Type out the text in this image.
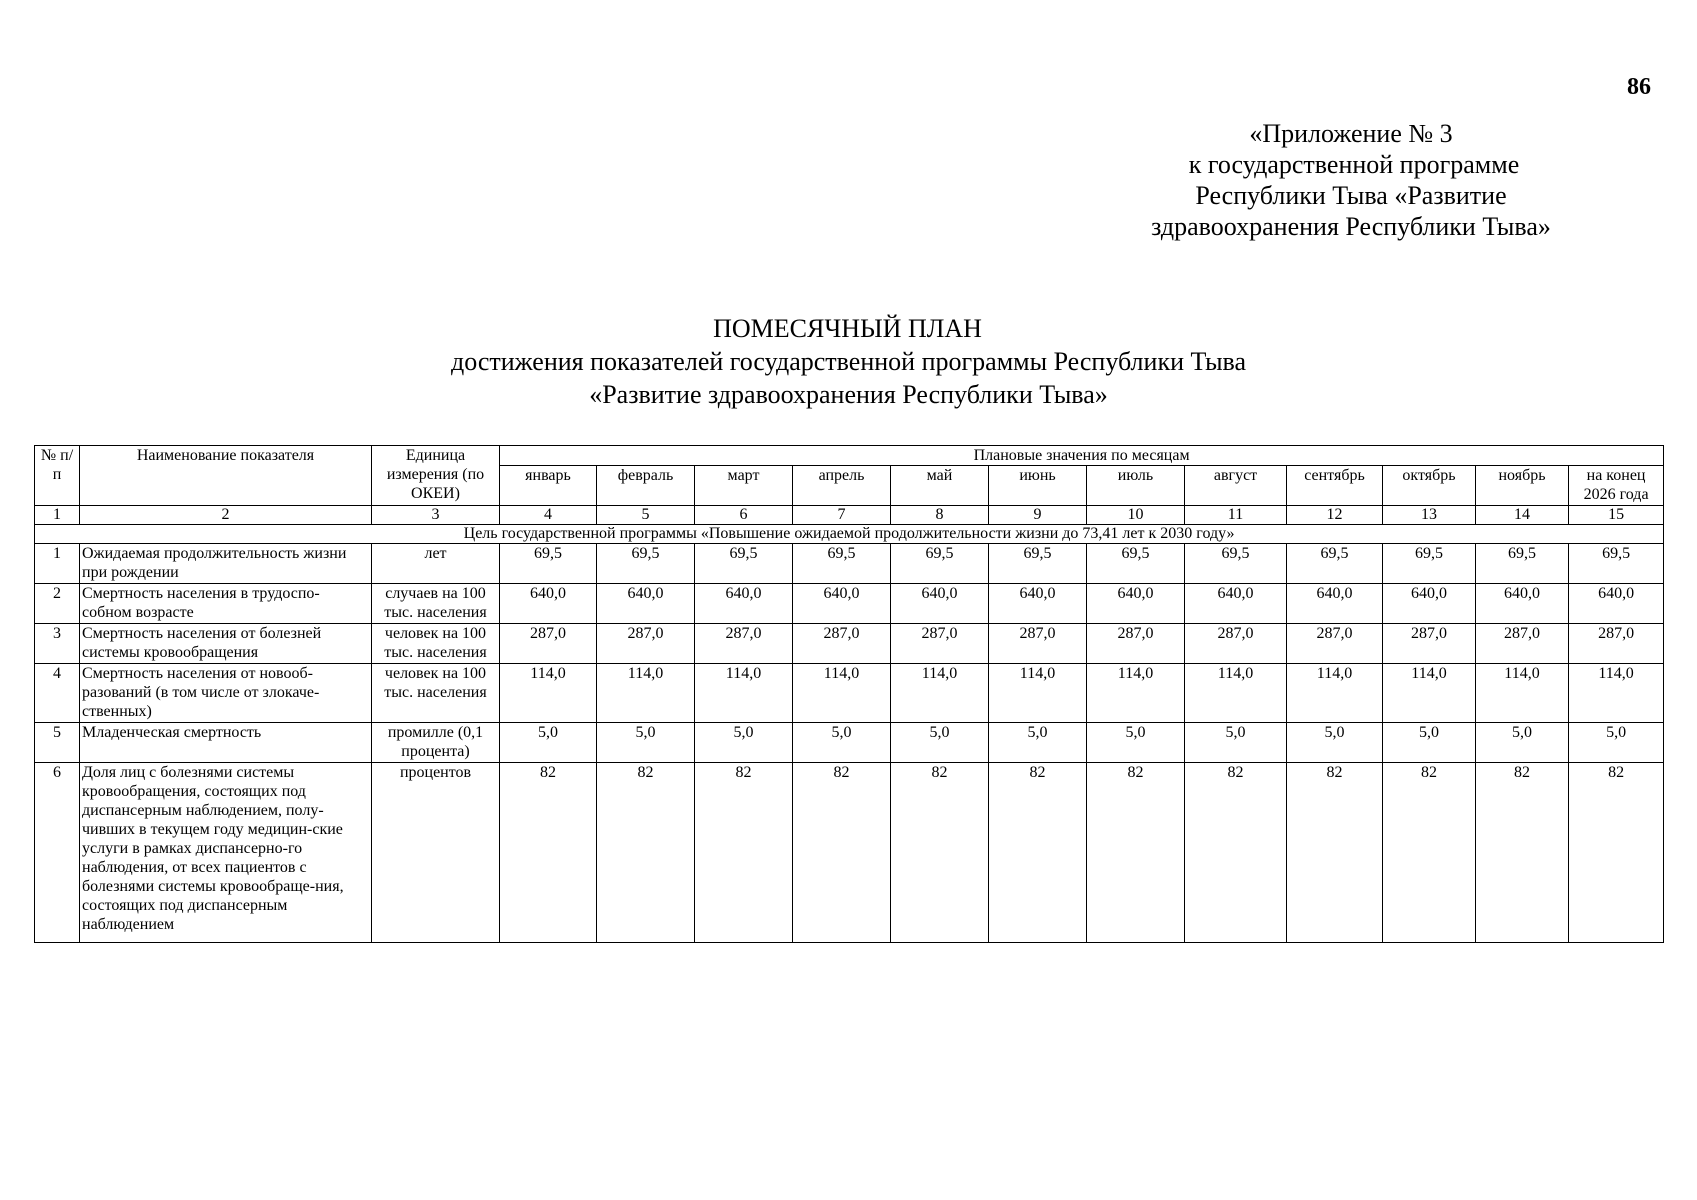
86
«Приложение № 3
к государственной программе
Республики Тыва «Развитие
здравоохранения Республики Тыва»
ПОМЕСЯЧНЫЙ ПЛАН
достижения показателей государственной программы Республики Тыва
«Развитие здравоохранения Республики Тыва»
№ п/п	Наименование показателя	Единица измерения (по ОКЕИ)	Плановые значения по месяцам											
			январь	февраль	март	апрель	май	июнь	июль	август	сентябрь	октябрь	ноябрь	на конец 2026 года
1	2	3	4	5	6	7	8	9	10	11	12	13	14	15
Цель государственной программы «Повышение ожидаемой продолжительности жизни до 73,41 лет к 2030 году»														
1	Ожидаемая продолжительность жизни при рождении	лет	69,5	69,5	69,5	69,5	69,5	69,5	69,5	69,5	69,5	69,5	69,5	69,5
2	Смертность населения в трудоспо-собном возрасте	случаев на 100 тыс. населения	640,0	640,0	640,0	640,0	640,0	640,0	640,0	640,0	640,0	640,0	640,0	640,0
3	Смертность населения от болезней системы кровообращения	человек на 100 тыс. населения	287,0	287,0	287,0	287,0	287,0	287,0	287,0	287,0	287,0	287,0	287,0	287,0
4	Смертность населения от новооб-разований (в том числе от злокаче-ственных)	человек на 100 тыс. населения	114,0	114,0	114,0	114,0	114,0	114,0	114,0	114,0	114,0	114,0	114,0	114,0
5	Младенческая смертность	промилле (0,1 процента)	5,0	5,0	5,0	5,0	5,0	5,0	5,0	5,0	5,0	5,0	5,0	5,0
6	Доля лиц с болезнями системы кровообращения, состоящих под диспансерным наблюдением, полу-чивших в текущем году медицин-ские услуги в рамках диспансерно-го наблюдения, от всех пациентов с болезнями системы кровообраще-ния, состоящих под диспансерным наблюдением	процентов	82	82	82	82	82	82	82	82	82	82	82	82
